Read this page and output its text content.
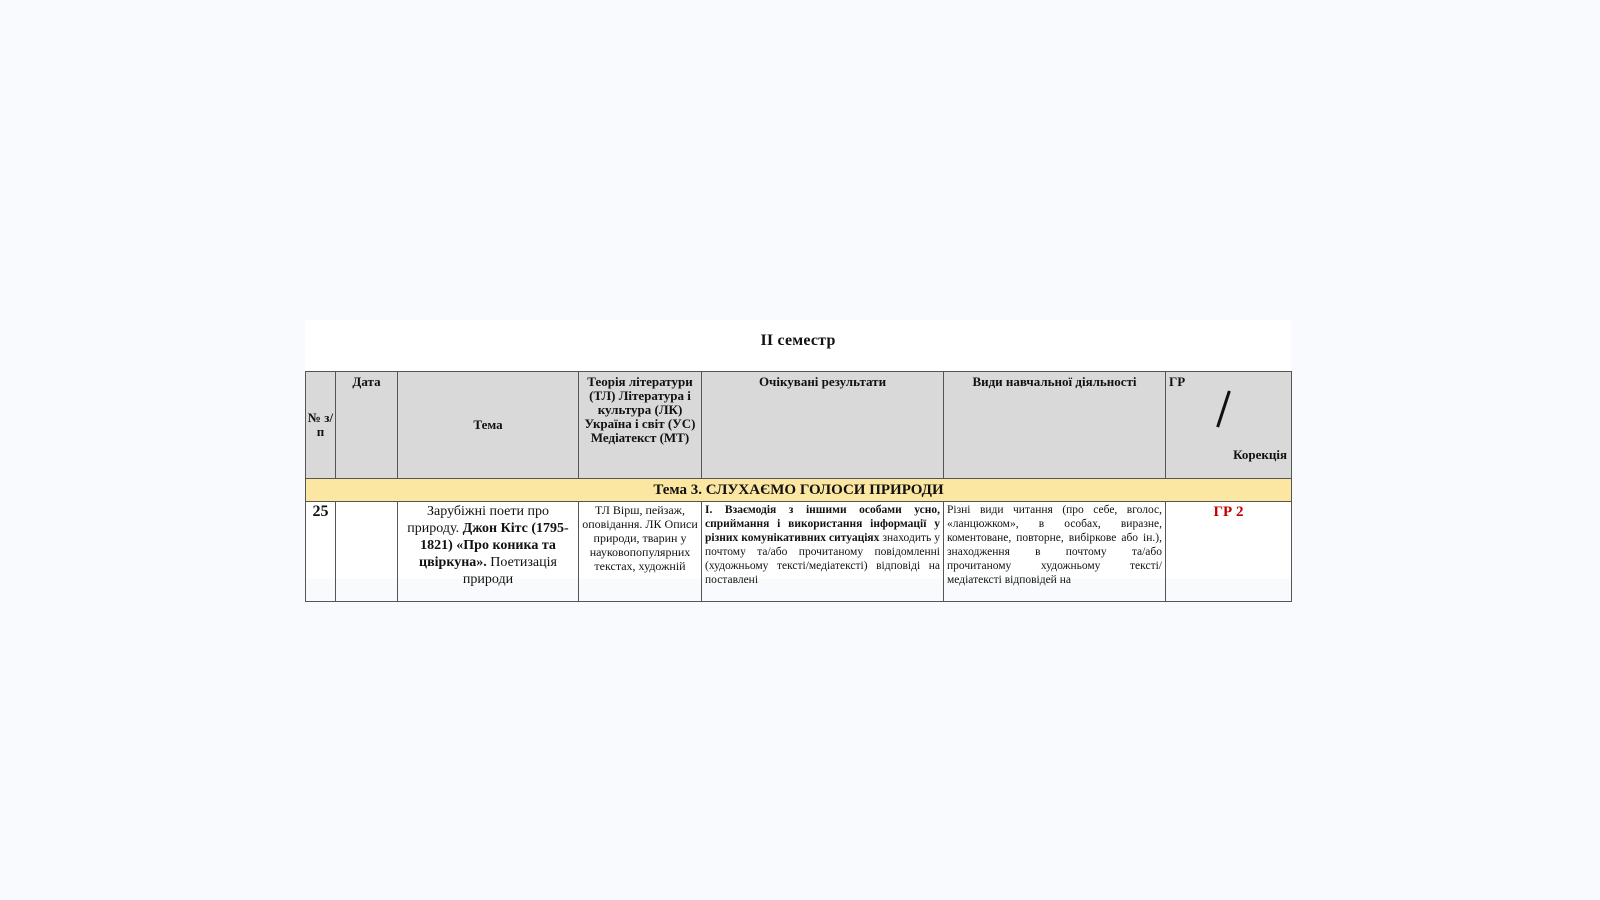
ІІ семестр
№ з/п	Дата	Тема	Теорія літератури (ТЛ) Література і культура (ЛК) Україна і світ (УС) Медіатекст (МТ)	Очікувані результати	Види навчальної діяльності	ГР
Корекція

Тема 3. СЛУХАЄМО ГОЛОСИ ПРИРОДИ						
25		Зарубіжні поети про природу. Джон Кітс (1795-1821) «Про коника та цвіркуна». Поетизація природи	ТЛ Вірш, пейзаж, оповідання. ЛК Описи природи, тварин у науковопопулярних текстах, художній	І. Взаємодія з іншими особами усно, сприймання і використання інформації у різних комунікативних ситуаціях знаходить у почтому та/або прочитаному повідомленні (художньому тексті/медіатексті) відповіді на поставлені	Різні види читання (про себе, вголос, «ланцюжком», в особах, виразне, коментоване, повторне, вибіркове або ін.), знаходження в почтому та/або прочитаному художньому тексті/медіатексті відповідей на	ГР 2
